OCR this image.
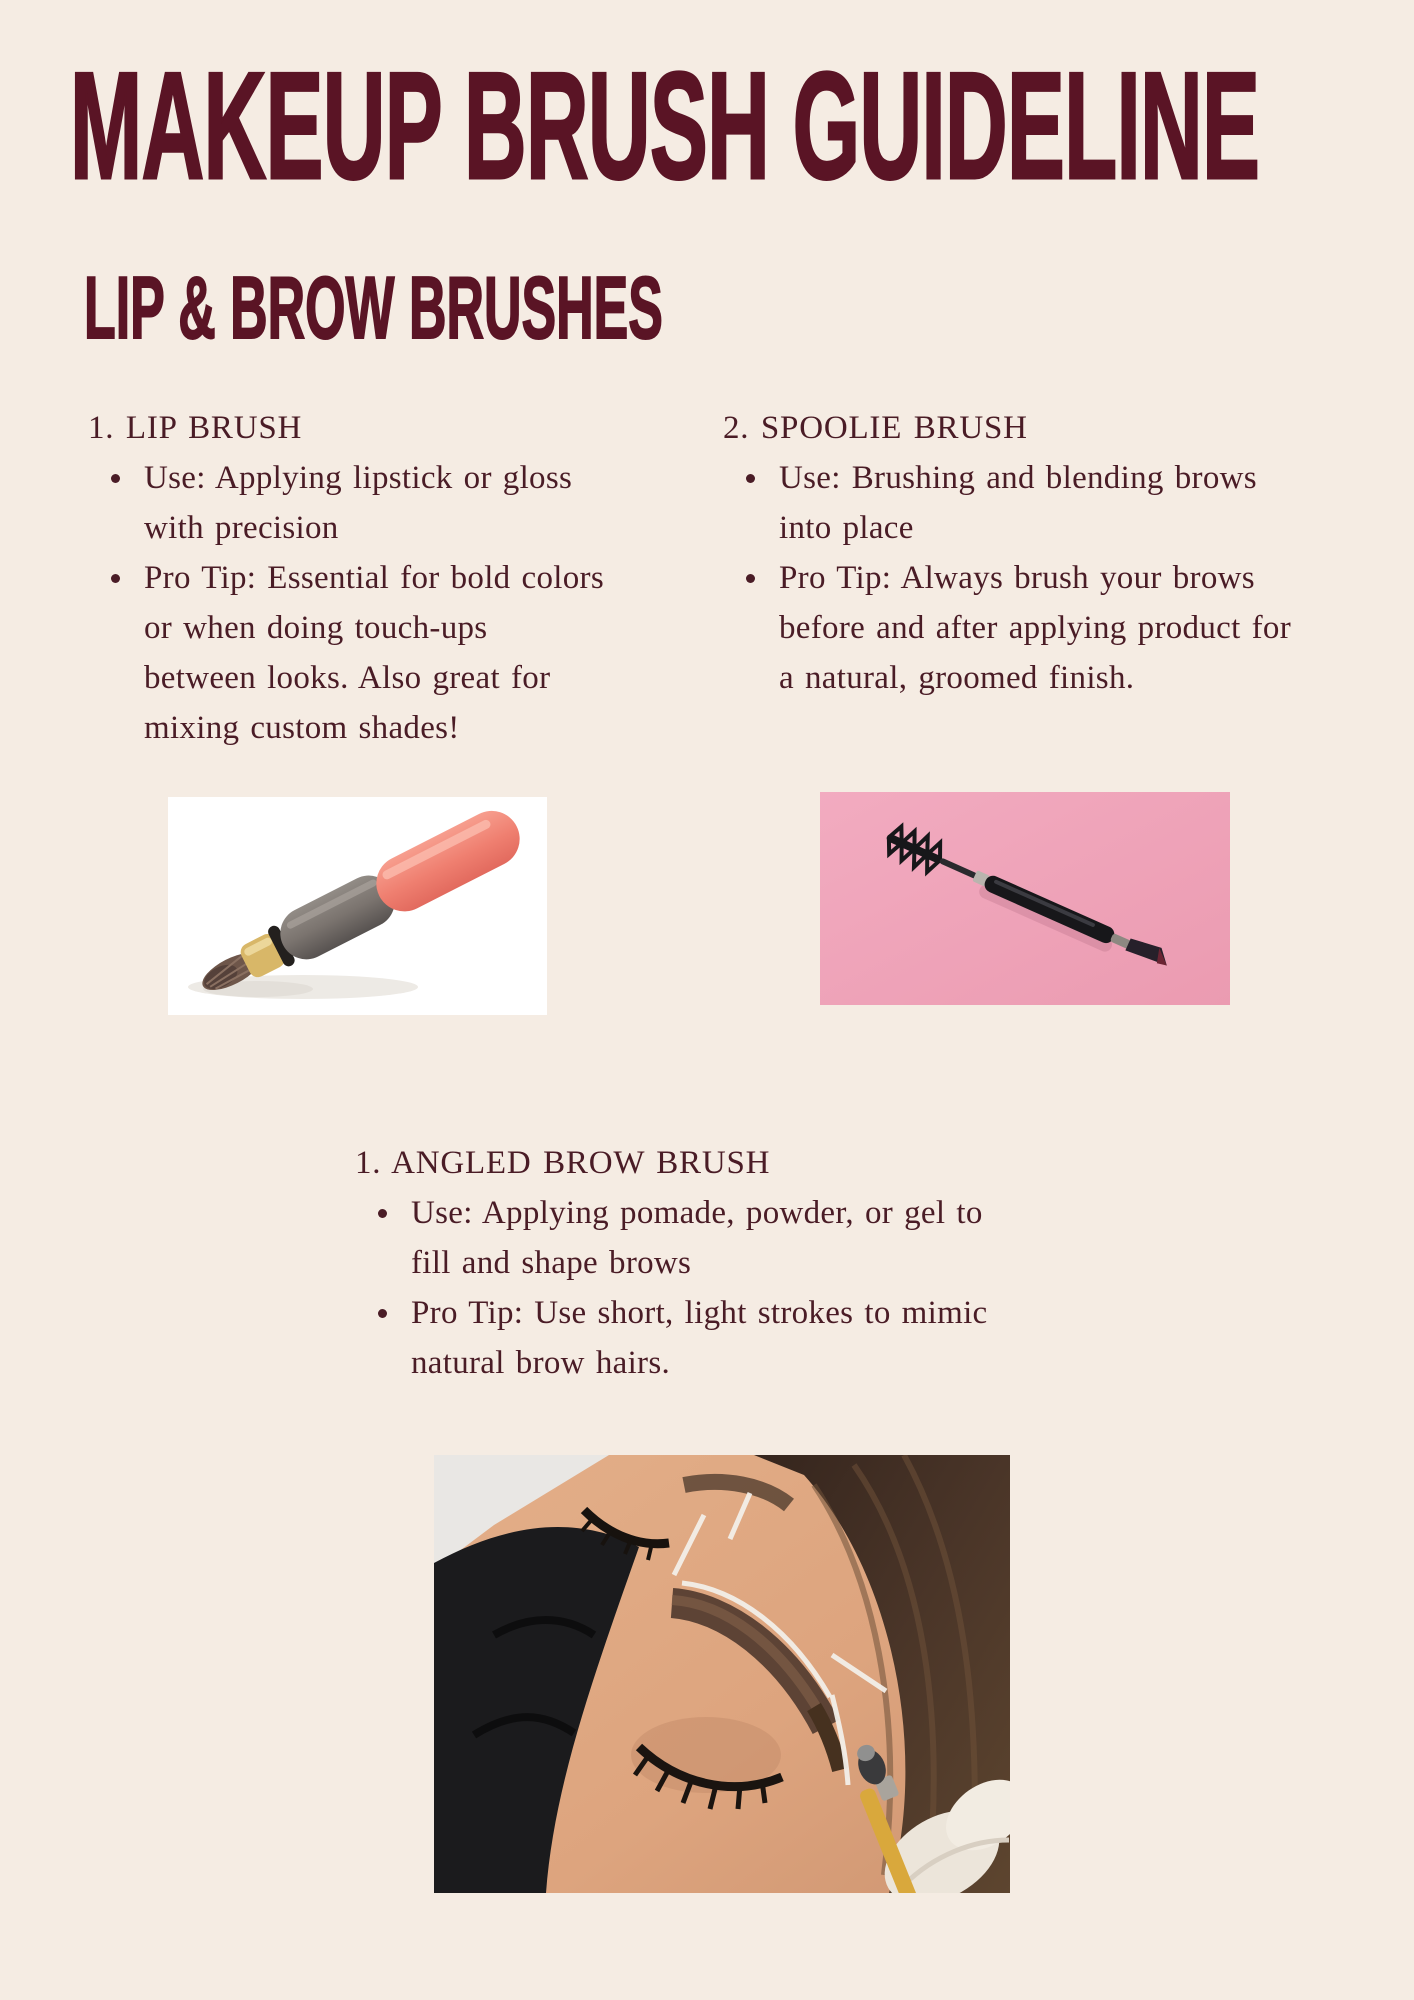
MAKEUP BRUSH GUIDELINE
LIP & BROW BRUSHES
1. LIP BRUSH
Use: Applying lipstick or gloss
with precision
Pro Tip: Essential for bold colors
or when doing touch-ups
between looks. Also great for
mixing custom shades!
2. SPOOLIE BRUSH
Use: Brushing and blending brows
into place
Pro Tip: Always brush your brows
before and after applying product for
a natural, groomed finish.
1. ANGLED BROW BRUSH
Use: Applying pomade, powder, or gel to
fill and shape brows
Pro Tip: Use short, light strokes to mimic
natural brow hairs.
